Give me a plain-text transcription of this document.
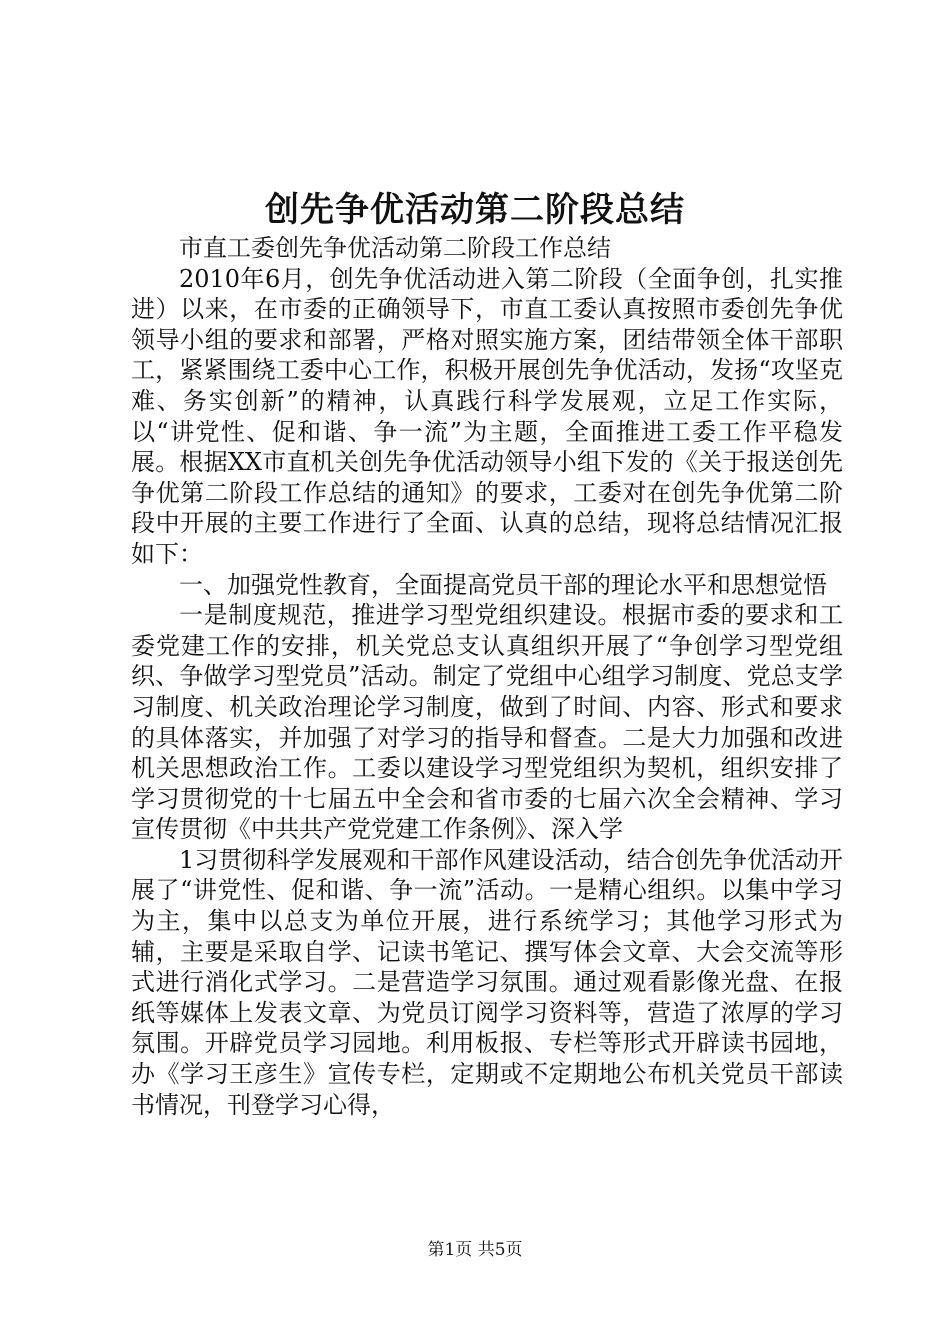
创先争优活动第二阶段总结

市直工委创先争优活动第二阶段工作总结

2010年6月，创先争优活动进入第二阶段（全面争创，扎实推进）以来，在市委的正确领导下，市直工委认真按照市委创先争优领导小组的要求和部署，严格对照实施方案，团结带领全体干部职工，紧紧围绕工委中心工作，积极开展创先争优活动，发扬“攻坚克难、务实创新”的精神，认真践行科学发展观，立足工作实际，以“讲党性、促和谐、争一流”为主题，全面推进工委工作平稳发展。根据XX市直机关创先争优活动领导小组下发的《关于报送创先争优第二阶段工作总结的通知》的要求，工委对在创先争优第二阶段中开展的主要工作进行了全面、认真的总结，现将总结情况汇报如下：

一、加强党性教育，全面提高党员干部的理论水平和思想觉悟

一是制度规范，推进学习型党组织建设。根据市委的要求和工委党建工作的安排，机关党总支认真组织开展了“争创学习型党组织、争做学习型党员”活动。制定了党组中心组学习制度、党总支学习制度、机关政治理论学习制度，做到了时间、内容、形式和要求的具体落实，并加强了对学习的指导和督查。二是大力加强和改进机关思想政治工作。工委以建设学习型党组织为契机，组织安排了学习贯彻党的十七届五中全会和省市委的七届六次全会精神、学习宣传贯彻《中共共产党党建工作条例》、深入学

1习贯彻科学发展观和干部作风建设活动，结合创先争优活动开展了“讲党性、促和谐、争一流”活动。一是精心组织。以集中学习为主，集中以总支为单位开展，进行系统学习；其他学习形式为辅，主要是采取自学、记读书笔记、撰写体会文章、大会交流等形式进行消化式学习。二是营造学习氛围。通过观看影像光盘、在报纸等媒体上发表文章、为党员订阅学习资料等，营造了浓厚的学习氛围。开辟党员学习园地。利用板报、专栏等形式开辟读书园地，办《学习王彦生》宣传专栏，定期或不定期地公布机关党员干部读书情况，刊登学习心得，

第1页 共5页
